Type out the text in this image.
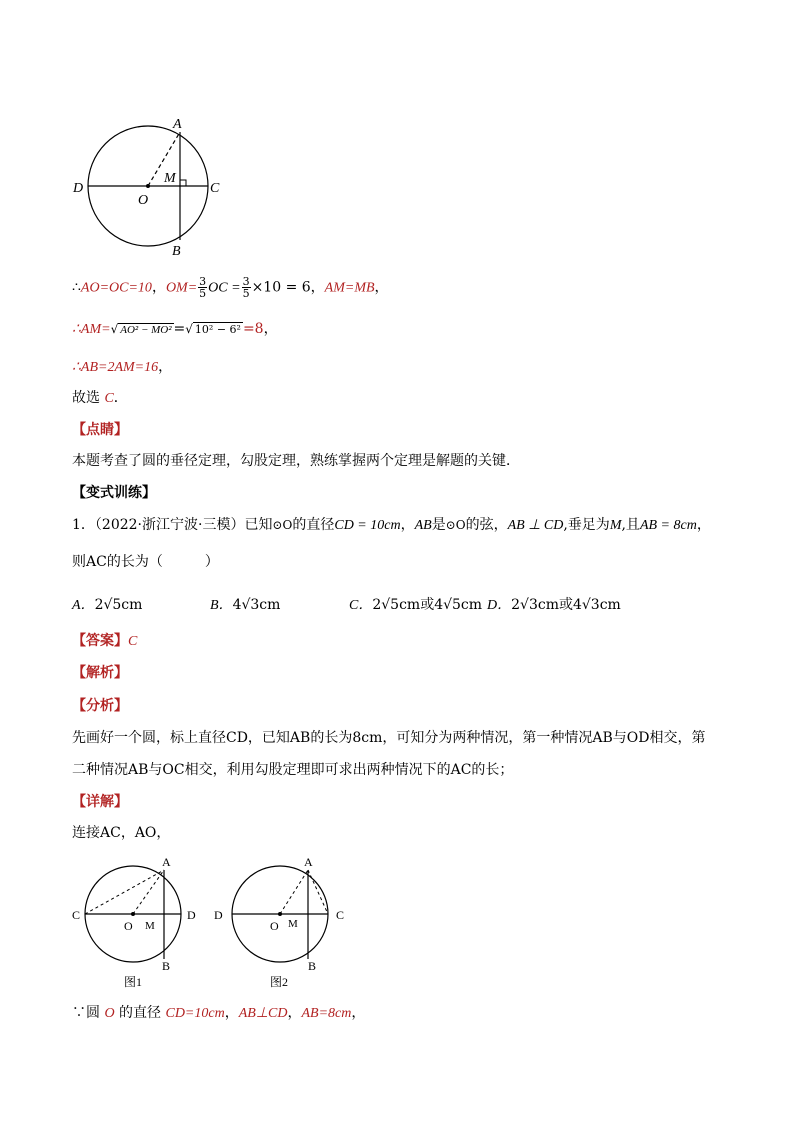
A
B
C
D
O
M
∴AO=OC=10，$OM= \frac{3}{5}$ OC = $\frac{3}{5} \times 10 = 6$，AM=MB，
∴AM=√ AO² − MO² =√ 10² − 6² =8，
∴AB=2AM=16，
故选 C．
【点睛】
本题考查了圆的垂径定理，勾股定理，熟练掌握两个定理是解题的关键．
【变式训练】
1．（2022·浙江宁波·三模）已知⊙O的直径CD = 10cm，AB是⊙O的弦，AB ⊥ CD,垂足为M,且AB = 8cm，
则AC的长为（　　　）
A．2√5cm	B．4√3cm	C．2√5cm或4√5cm D．2√3cm或4√3cm
【答案】C
【解析】
【分析】
先画好一个圆，标上直径CD，已知AB的长为8cm，可知分为两种情况，第一种情况AB与OD相交，第
二种情况AB与OC相交，利用勾股定理即可求出两种情况下的AC的长；
【详解】
连接AC，AO，
A
B
C	D
O M
图1
A
B
C
D
O M
图2
∵圆 O 的直径 CD=10cm，AB⊥CD，AB=8cm，
